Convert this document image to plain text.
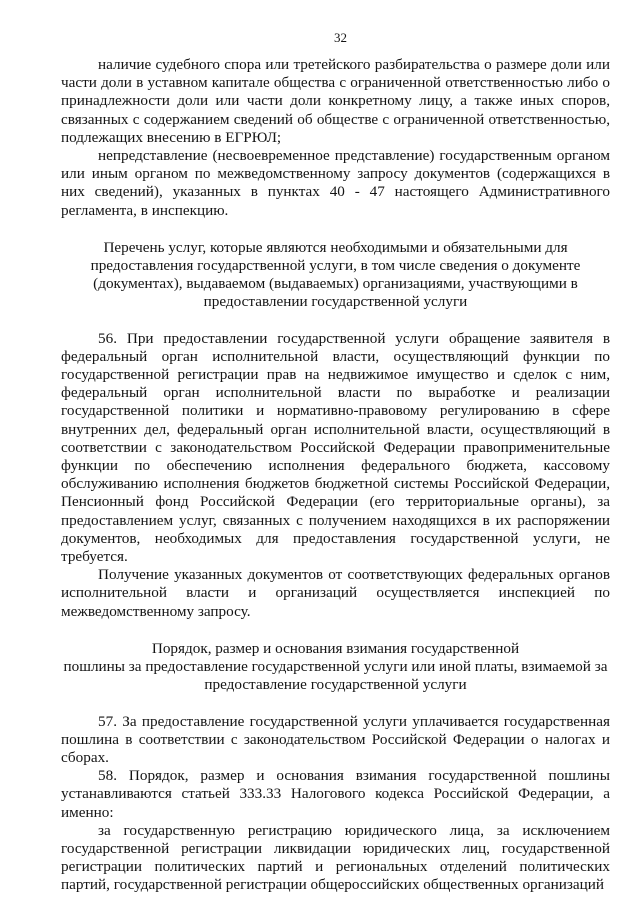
32

наличие судебного спора или третейского разбирательства о размере доли или части доли в уставном капитале общества с ограниченной ответственностью либо о принадлежности доли или части доли конкретному лицу, а также иных споров, связанных с содержанием сведений об обществе с ограниченной ответственностью, подлежащих внесению в ЕГРЮЛ;

непредставление (несвоевременное представление) государственным органом или иным органом по межведомственному запросу документов (содержащихся в них сведений), указанных в пунктах 40 - 47 настоящего Административного регламента, в инспекцию.

Перечень услуг, которые являются необходимыми и обязательными для
предоставления государственной услуги, в том числе сведения о документе
(документах), выдаваемом (выдаваемых) организациями, участвующими в
предоставлении государственной услуги

56. При предоставлении государственной услуги обращение заявителя в федеральный орган исполнительной власти, осуществляющий функции по государственной регистрации прав на недвижимое имущество и сделок с ним, федеральный орган исполнительной власти по выработке и реализации государственной политики и нормативно-правовому регулированию в сфере внутренних дел, федеральный орган исполнительной власти, осуществляющий в соответствии с законодательством Российской Федерации правоприменительные функции по обеспечению исполнения федерального бюджета, кассовому обслуживанию исполнения бюджетов бюджетной системы Российской Федерации, Пенсионный фонд Российской Федерации (его территориальные органы), за предоставлением услуг, связанных с получением находящихся в их распоряжении документов, необходимых для предоставления государственной услуги, не требуется.

Получение указанных документов от соответствующих федеральных органов исполнительной власти и организаций осуществляется инспекцией по межведомственному запросу.

Порядок, размер и основания взимания государственной
пошлины за предоставление государственной услуги или иной платы, взимаемой за
предоставление государственной услуги

57. За предоставление государственной услуги уплачивается государственная пошлина в соответствии с законодательством Российской Федерации о налогах и сборах.

58. Порядок, размер и основания взимания государственной пошлины устанавливаются статьей 333.33 Налогового кодекса Российской Федерации, а именно:

за государственную регистрацию юридического лица, за исключением государственной регистрации ликвидации юридических лиц, государственной регистрации политических партий и региональных отделений политических партий, государственной регистрации общероссийских общественных организаций
